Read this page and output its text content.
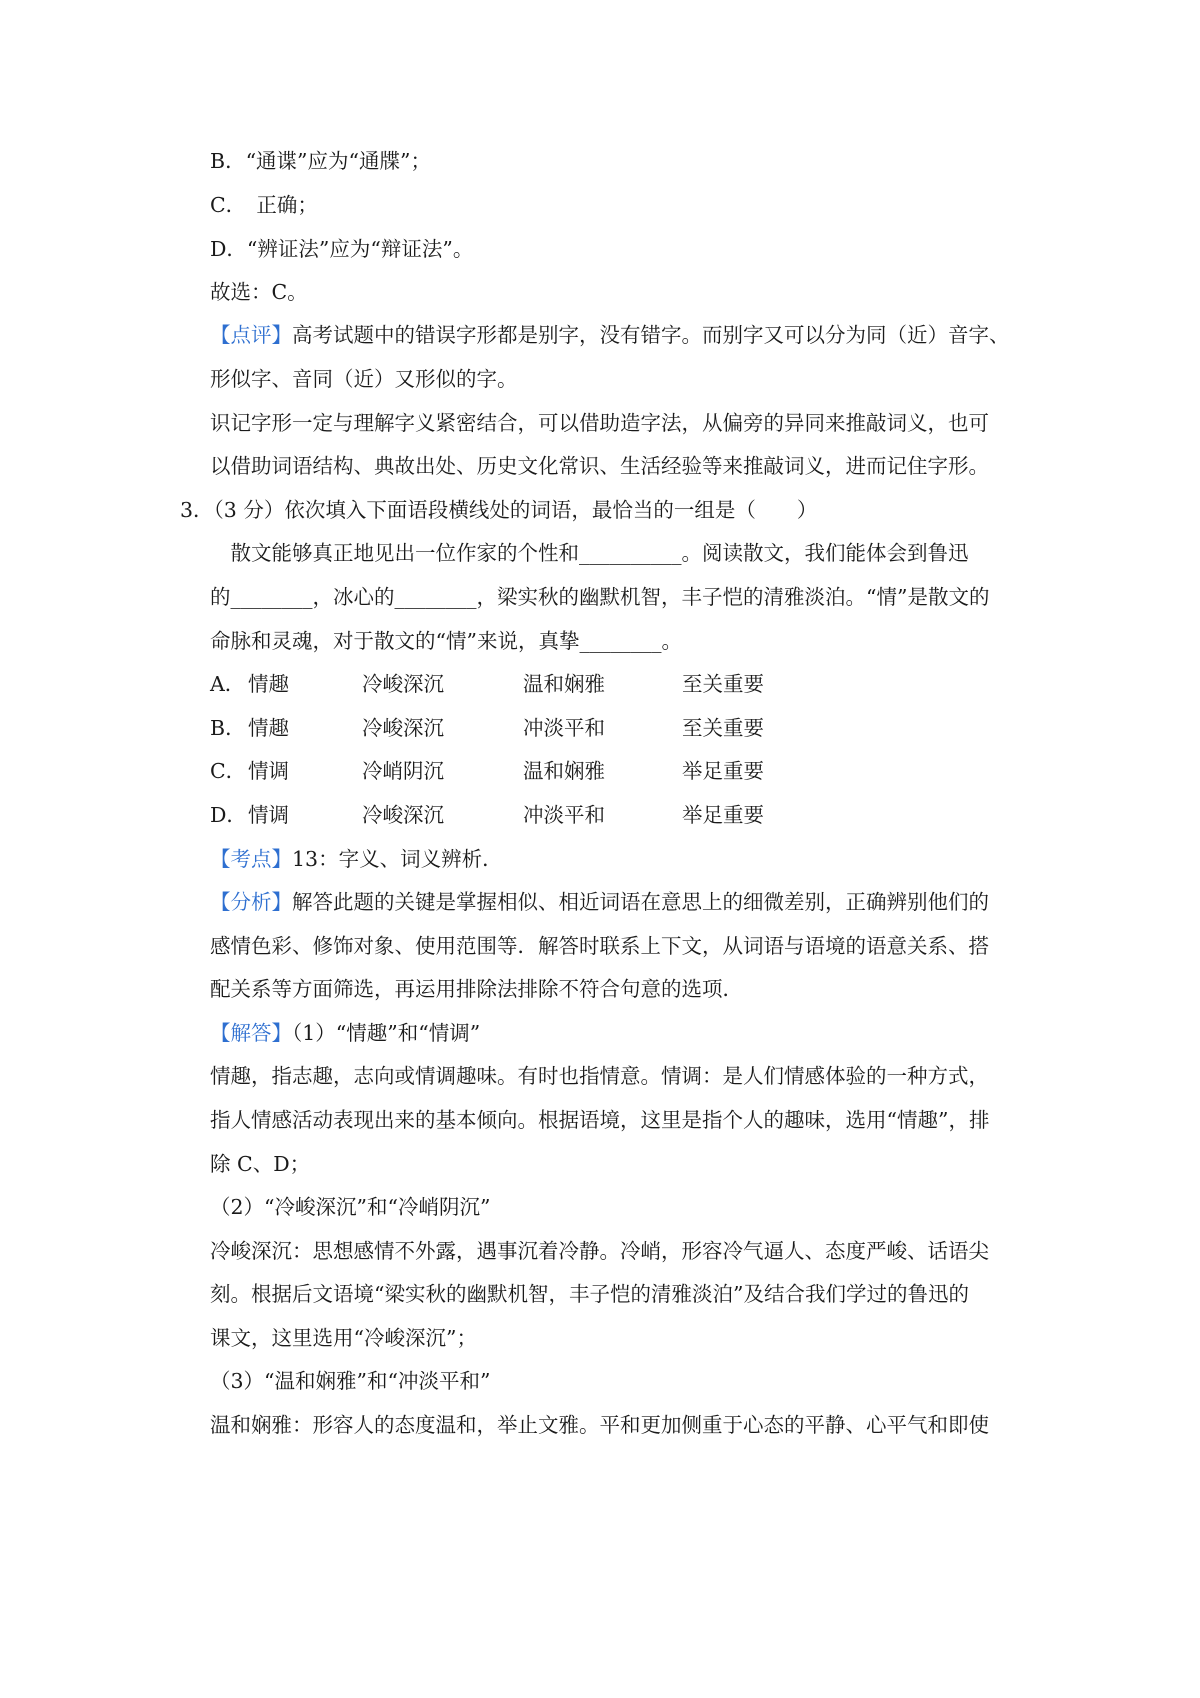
B．“通谍”应为“通牒”；
C．　正确；
D．“辨证法”应为“辩证法”。
故选：C。
【点评】高考试题中的错误字形都是别字，没有错字。而别字又可以分为同（近）音字、
形似字、音同（近）又形似的字。
识记字形一定与理解字义紧密结合，可以借助造字法，从偏旁的异同来推敲词义，也可
以借助词语结构、典故出处、历史文化常识、生活经验等来推敲词义，进而记住字形。
3．（3 分）依次填入下面语段横线处的词语，最恰当的一组是（　　）
　散文能够真正地见出一位作家的个性和__________。阅读散文，我们能体会到鲁迅
的________，冰心的________，梁实秋的幽默机智，丰子恺的清雅淡泊。“情”是散文的
命脉和灵魂，对于散文的“情”来说，真挚________。
A． 情趣	冷峻深沉	温和娴雅	至关重要
B． 情趣	冷峻深沉	冲淡平和	至关重要
C． 情调	冷峭阴沉	温和娴雅	举足重要
D． 情调	冷峻深沉	冲淡平和	举足重要
【考点】13：字义、词义辨析．
【分析】解答此题的关键是掌握相似、相近词语在意思上的细微差别，正确辨别他们的
感情色彩、修饰对象、使用范围等．解答时联系上下文，从词语与语境的语意关系、搭
配关系等方面筛选，再运用排除法排除不符合句意的选项．
【解答】（1）“情趣”和“情调”
情趣，指志趣，志向或情调趣味。有时也指情意。情调：是人们情感体验的一种方式，
指人情感活动表现出来的基本倾向。根据语境，这里是指个人的趣味，选用“情趣”，排
除 C、D；
（2）“冷峻深沉”和“冷峭阴沉”
冷峻深沉：思想感情不外露，遇事沉着冷静。冷峭，形容冷气逼人、态度严峻、话语尖
刻。根据后文语境“梁实秋的幽默机智，丰子恺的清雅淡泊”及结合我们学过的鲁迅的
课文，这里选用“冷峻深沉”；
（3）“温和娴雅”和“冲淡平和”
温和娴雅：形容人的态度温和，举止文雅。平和更加侧重于心态的平静、心平气和即使
